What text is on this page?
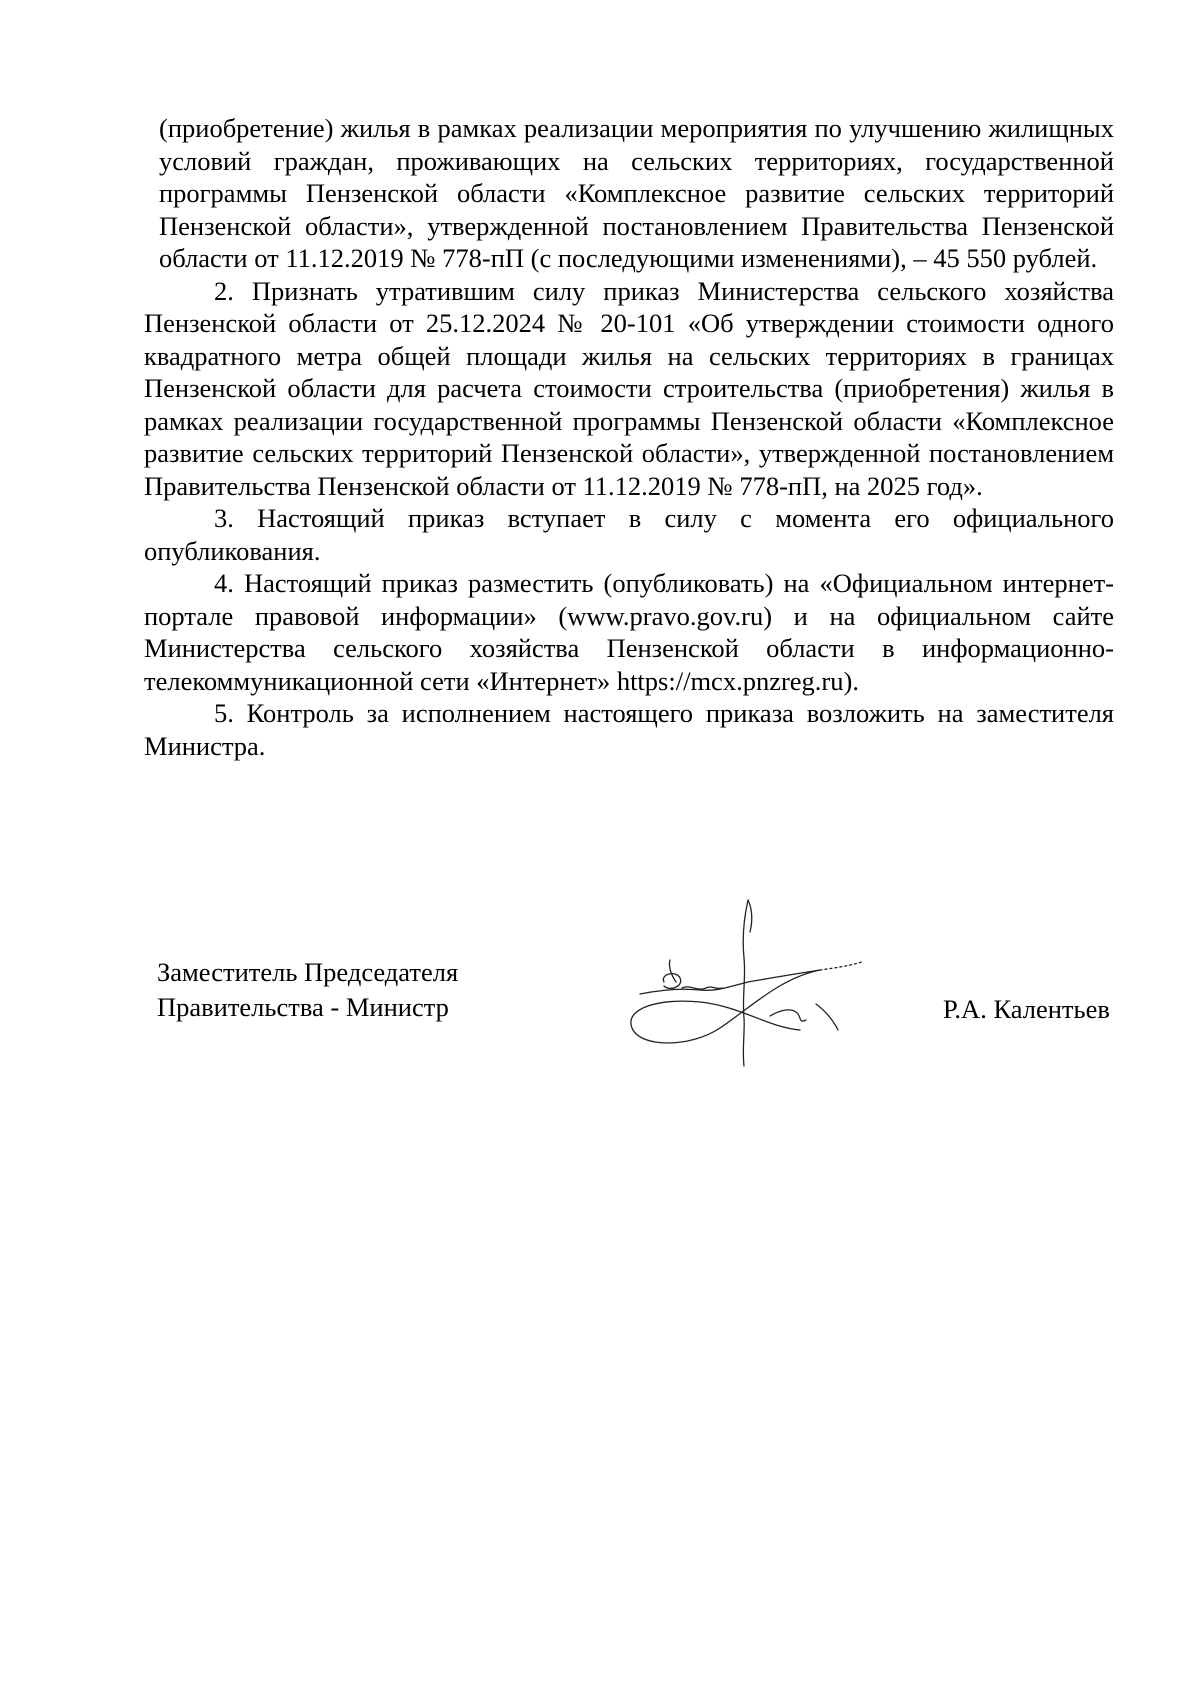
(приобретение) жилья в рамках реализации мероприятия по улучшению жилищных условий граждан, проживающих на сельских территориях, государственной программы Пензенской области «Комплексное развитие сельских территорий Пензенской области», утвержденной постановлением Правительства Пензенской области от 11.12.2019 № 778-пП (с последующими изменениями), – 45 550 рублей.

2. Признать утратившим силу приказ Министерства сельского хозяйства Пензенской области от 25.12.2024 № 20-101 «Об утверждении стоимости одного квадратного метра общей площади жилья на сельских территориях в границах Пензенской области для расчета стоимости строительства (приобретения) жилья в рамках реализации государственной программы Пензенской области «Комплексное развитие сельских территорий Пензенской области», утвержденной постановлением Правительства Пензенской области от 11.12.2019 № 778-пП, на 2025 год».

3. Настоящий приказ вступает в силу с момента его официального опубликования.

4. Настоящий приказ разместить (опубликовать) на «Официальном интернет-портале правовой информации» (www.pravo.gov.ru) и на официальном сайте Министерства сельского хозяйства Пензенской области в информационно-телекоммуникационной сети «Интернет» https://mcx.pnzreg.ru).

5. Контроль за исполнением настоящего приказа возложить на заместителя Министра.

Заместитель Председателя
Правительства - Министр	Р.А. Калентьев
